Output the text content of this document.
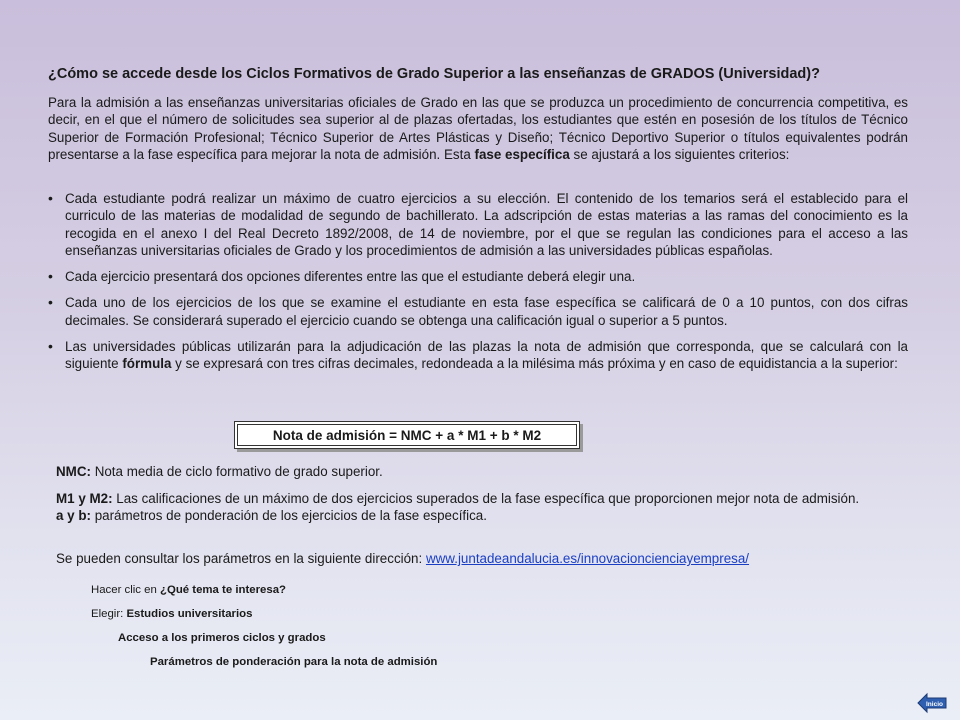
¿Cómo se accede desde los Ciclos Formativos de Grado Superior a las enseñanzas de GRADOS (Universidad)?

Para la admisión a las enseñanzas universitarias oficiales de Grado en las que se produzca un procedimiento de concurrencia competitiva, es decir, en el que el número de solicitudes sea superior al de plazas ofertadas, los estudiantes que estén en posesión de los títulos de Técnico Superior de Formación Profesional; Técnico Superior de Artes Plásticas y Diseño; Técnico Deportivo Superior o títulos equivalentes podrán presentarse a la fase específica para mejorar la nota de admisión. Esta fase específica se ajustará a los siguientes criterios:

• Cada estudiante podrá realizar un máximo de cuatro ejercicios a su elección. El contenido de los temarios será el establecido para el curriculo de las materias de modalidad de segundo de bachillerato. La adscripción de estas materias a las ramas del conocimiento es la recogida en el anexo I del Real Decreto 1892/2008, de 14 de noviembre, por el que se regulan las condiciones para el acceso a las enseñanzas universitarias oficiales de Grado y los procedimientos de admisión a las universidades públicas españolas.
• Cada ejercicio presentará dos opciones diferentes entre las que el estudiante deberá elegir una.
• Cada uno de los ejercicios de los que se examine el estudiante en esta fase específica se calificará de 0 a 10 puntos, con dos cifras decimales. Se considerará superado el ejercicio cuando se obtenga una calificación igual o superior a 5 puntos.
• Las universidades públicas utilizarán para la adjudicación de las plazas la nota de admisión que corresponda, que se calculará con la siguiente fórmula y se expresará con tres cifras decimales, redondeada a la milésima más próxima y en caso de equidistancia a la superior:
Nota de admisión = NMC + a * M1 + b * M2

NMC: Nota media de ciclo formativo de grado superior.

M1 y M2: Las calificaciones de un máximo de dos ejercicios superados de la fase específica que proporcionen mejor nota de admisión.

a y b: parámetros de ponderación de los ejercicios de la fase específica.

Se pueden consultar los parámetros en la siguiente dirección: www.juntadeandalucia.es/innovacioncienciayempresa/
Hacer clic en ¿Qué tema te interesa?
Elegir: Estudios universitarios
Acceso a los primeros ciclos y grados
Parámetros de ponderación para la nota de admisión
Inicio
